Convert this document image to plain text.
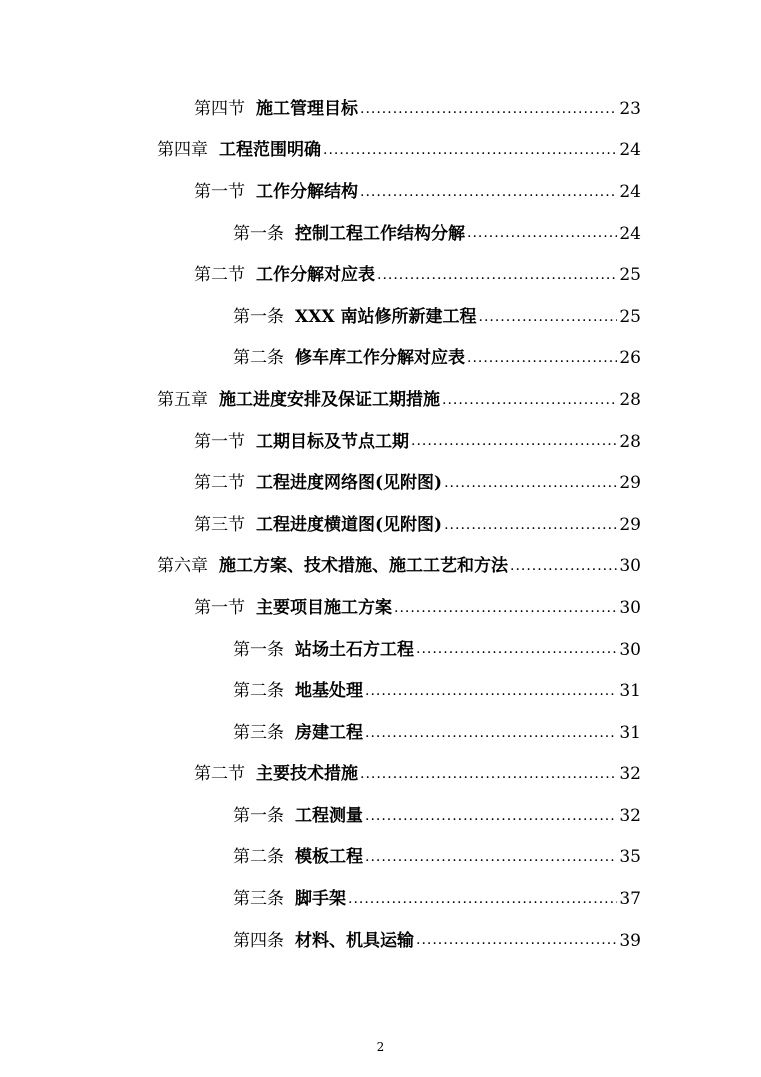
第四节 施工管理目标 .....	23
第四章 工程范围明确 .....	24
第一节 工作分解结构 .....	24
第一条 控制工程工作结构分解 .....	24
第二节 工作分解对应表 .....	25
第一条 XXX 南站修所新建工程 .....	25
第二条 修车库工作分解对应表 .....	26
第五章 施工进度安排及保证工期措施 .....	28
第一节 工期目标及节点工期 .....	28
第二节 工程进度网络图(见附图) .....	29
第三节 工程进度横道图(见附图) .....	29
第六章 施工方案、技术措施、施工工艺和方法 .....	30
第一节 主要项目施工方案 .....	30
第一条 站场土石方工程 .....	30
第二条 地基处理 .....	31
第三条 房建工程 .....	31
第二节 主要技术措施 .....	32
第一条 工程测量 .....	32
第二条 模板工程 .....	35
第三条 脚手架 .....	37
第四条 材料、机具运输 .....	39
2
